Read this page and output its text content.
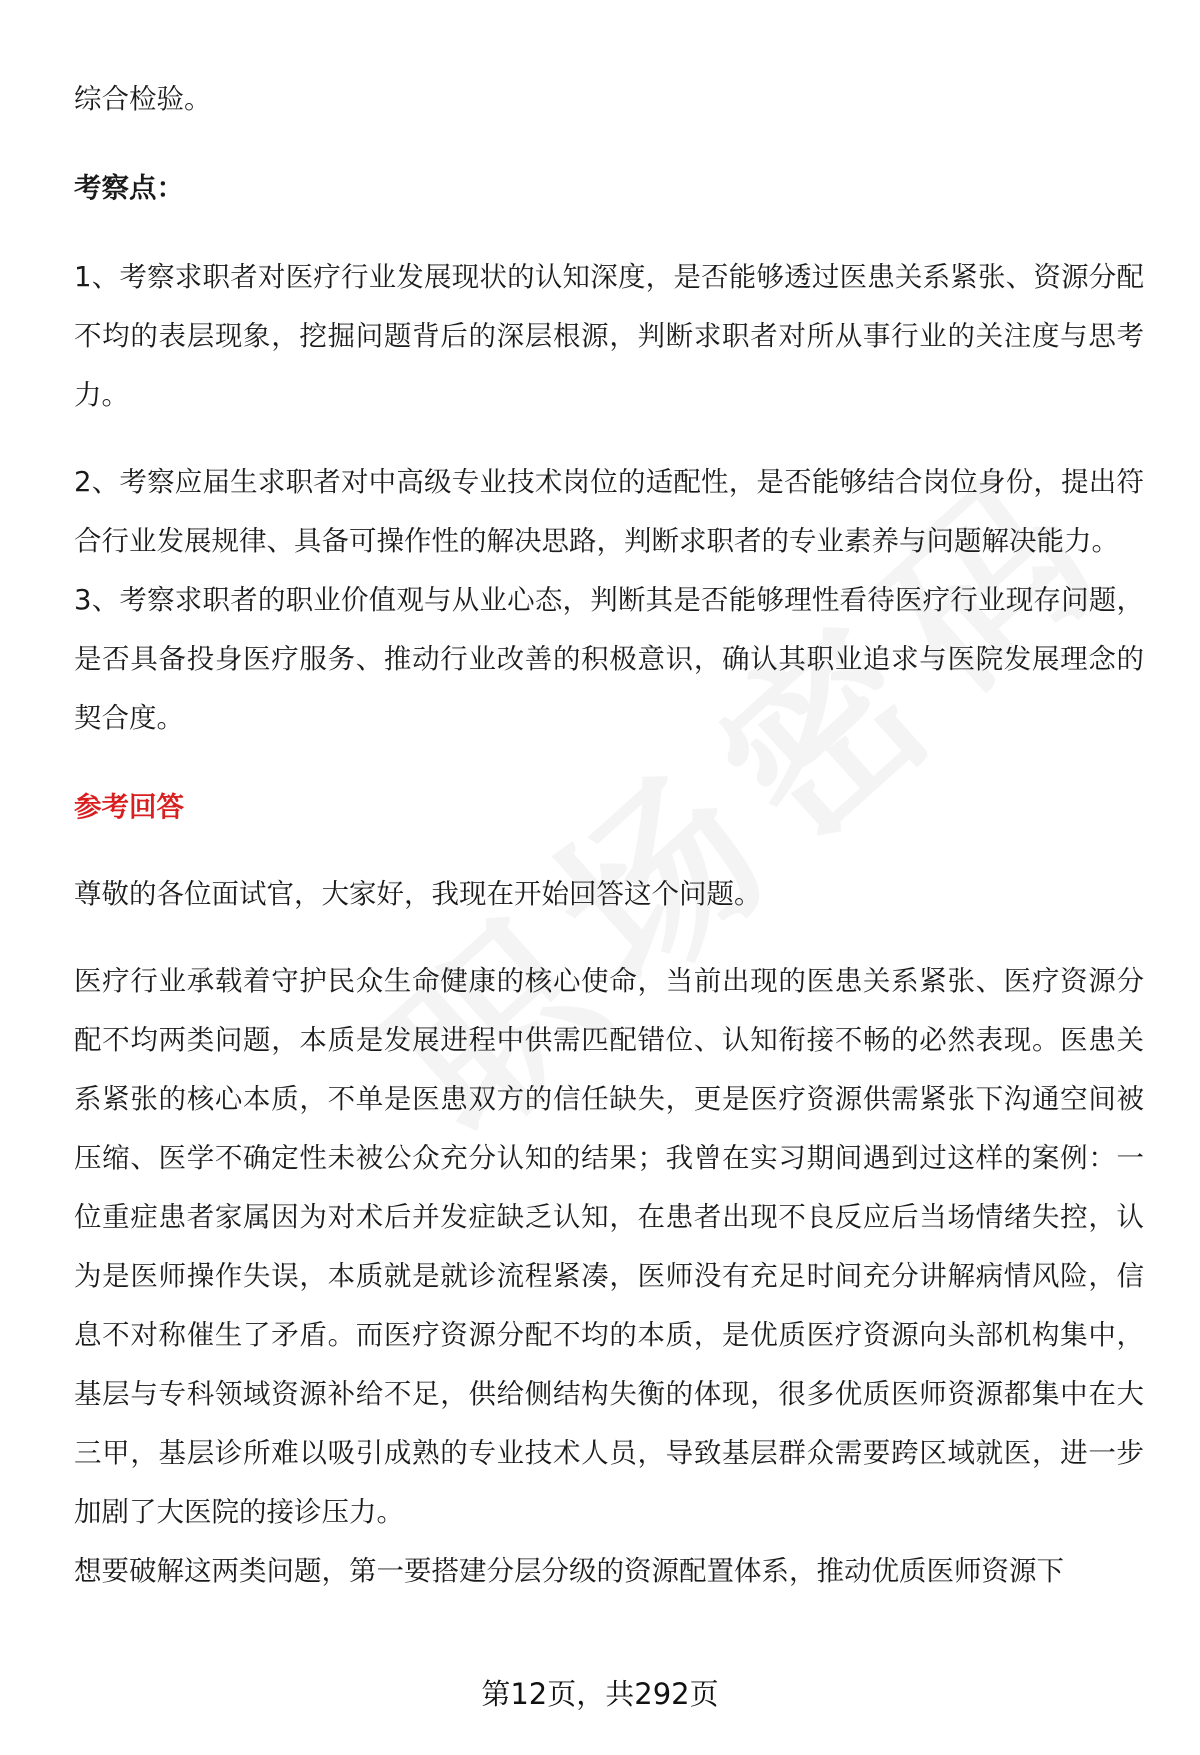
综合检验。

考察点：

1、考察求职者对医疗行业发展现状的认知深度，是否能够透过医患关系紧张、资源分配不均的表层现象，挖掘问题背后的深层根源，判断求职者对所从事行业的关注度与思考力。

2、考察应届生求职者对中高级专业技术岗位的适配性，是否能够结合岗位身份，提出符合行业发展规律、具备可操作性的解决思路，判断求职者的专业素养与问题解决能力。

3、考察求职者的职业价值观与从业心态，判断其是否能够理性看待医疗行业现存问题，是否具备投身医疗服务、推动行业改善的积极意识，确认其职业追求与医院发展理念的契合度。

参考回答

尊敬的各位面试官，大家好，我现在开始回答这个问题。

医疗行业承载着守护民众生命健康的核心使命，当前出现的医患关系紧张、医疗资源分配不均两类问题，本质是发展进程中供需匹配错位、认知衔接不畅的必然表现。医患关系紧张的核心本质，不单是医患双方的信任缺失，更是医疗资源供需紧张下沟通空间被压缩、医学不确定性未被公众充分认知的结果；我曾在实习期间遇到过这样的案例：一位重症患者家属因为对术后并发症缺乏认知，在患者出现不良反应后当场情绪失控，认为是医师操作失误，本质就是就诊流程紧凑，医师没有充足时间充分讲解病情风险，信息不对称催生了矛盾。而医疗资源分配不均的本质，是优质医疗资源向头部机构集中，基层与专科领域资源补给不足，供给侧结构失衡的体现，很多优质医师资源都集中在大三甲，基层诊所难以吸引成熟的专业技术人员，导致基层群众需要跨区域就医，进一步加剧了大医院的接诊压力。

想要破解这两类问题，第一要搭建分层分级的资源配置体系，推动优质医师资源下

第12页，共292页
